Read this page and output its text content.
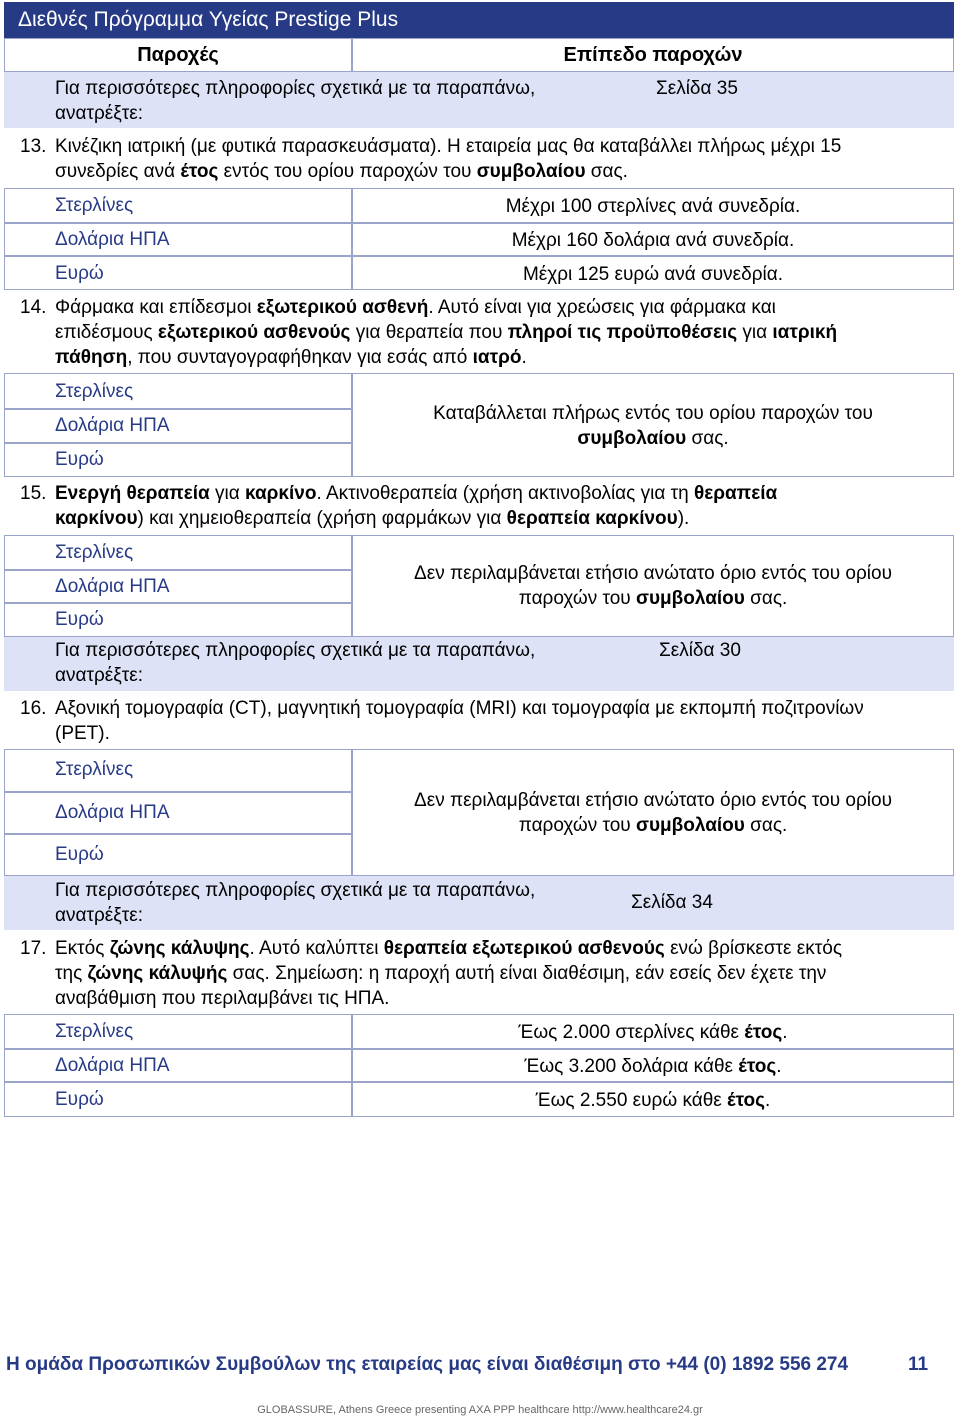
Διεθνές Πρόγραμμα Υγείας Prestige Plus
Παροχές	Επίπεδο παροχών
Για περισσότερες πληροφορίες σχετικά με τα παραπάνω, ανατρέξτε:
Σελίδα 35
13. Κινέζικη ιατρική (με φυτικά παρασκευάσματα). Η εταιρεία μας θα καταβάλλει πλήρως μέχρι 15
συνεδρίες ανά έτος εντός του ορίου παροχών του συμβολαίου σας.
Στερλίνες
Δολάρια ΗΠΑ
Ευρώ
Μέχρι 100 στερλίνες ανά συνεδρία.
Μέχρι 160 δολάρια ανά συνεδρία.
Μέχρι 125 ευρώ ανά συνεδρία.
14. Φάρμακα και επίδεσμοι εξωτερικού ασθενή. Αυτό είναι για χρεώσεις για φάρμακα και
επιδέσμους εξωτερικού ασθενούς για θεραπεία που πληροί τις προϋποθέσεις για ιατρική
πάθηση, που συνταγογραφήθηκαν για εσάς από ιατρό.
Στερλίνες
Δολάρια ΗΠΑ
Ευρώ
Καταβάλλεται πλήρως εντός του ορίου παροχών του
συμβολαίου σας.
15. Ενεργή θεραπεία για καρκίνο. Ακτινοθεραπεία (χρήση ακτινοβολίας για τη θεραπεία
καρκίνου) και χημειοθεραπεία (χρήση φαρμάκων για θεραπεία καρκίνου).
Στερλίνες
Δολάρια ΗΠΑ
Ευρώ
Δεν περιλαμβάνεται ετήσιο ανώτατο όριο εντός του ορίου
παροχών του συμβολαίου σας.
Για περισσότερες πληροφορίες σχετικά με τα παραπάνω, ανατρέξτε:
Σελίδα 30
16. Αξονική τομογραφία (CT), μαγνητική τομογραφία (MRI) και τομογραφία με εκπομπή ποζιτρονίων
(PET).
Στερλίνες
Δολάρια ΗΠΑ
Ευρώ
Δεν περιλαμβάνεται ετήσιο ανώτατο όριο εντός του ορίου
παροχών του συμβολαίου σας.
Για περισσότερες πληροφορίες σχετικά με τα παραπάνω, ανατρέξτε:
Σελίδα 34
17. Εκτός ζώνης κάλυψης. Αυτό καλύπτει θεραπεία εξωτερικού ασθενούς ενώ βρίσκεστε εκτός
της ζώνης κάλυψής σας. Σημείωση: η παροχή αυτή είναι διαθέσιμη, εάν εσείς δεν έχετε την
αναβάθμιση που περιλαμβάνει τις ΗΠΑ.
Στερλίνες
Δολάρια ΗΠΑ
Ευρώ
Έως 2.000 στερλίνες κάθε έτος.
Έως 3.200 δολάρια κάθε έτος.
Έως 2.550 ευρώ κάθε έτος.
Η ομάδα Προσωπικών Συμβούλων της εταιρείας μας είναι διαθέσιμη στο +44 (0) 1892 556 274	11
GLOBASSURE, Athens Greece presenting AXA PPP healthcare http://www.healthcare24.gr
